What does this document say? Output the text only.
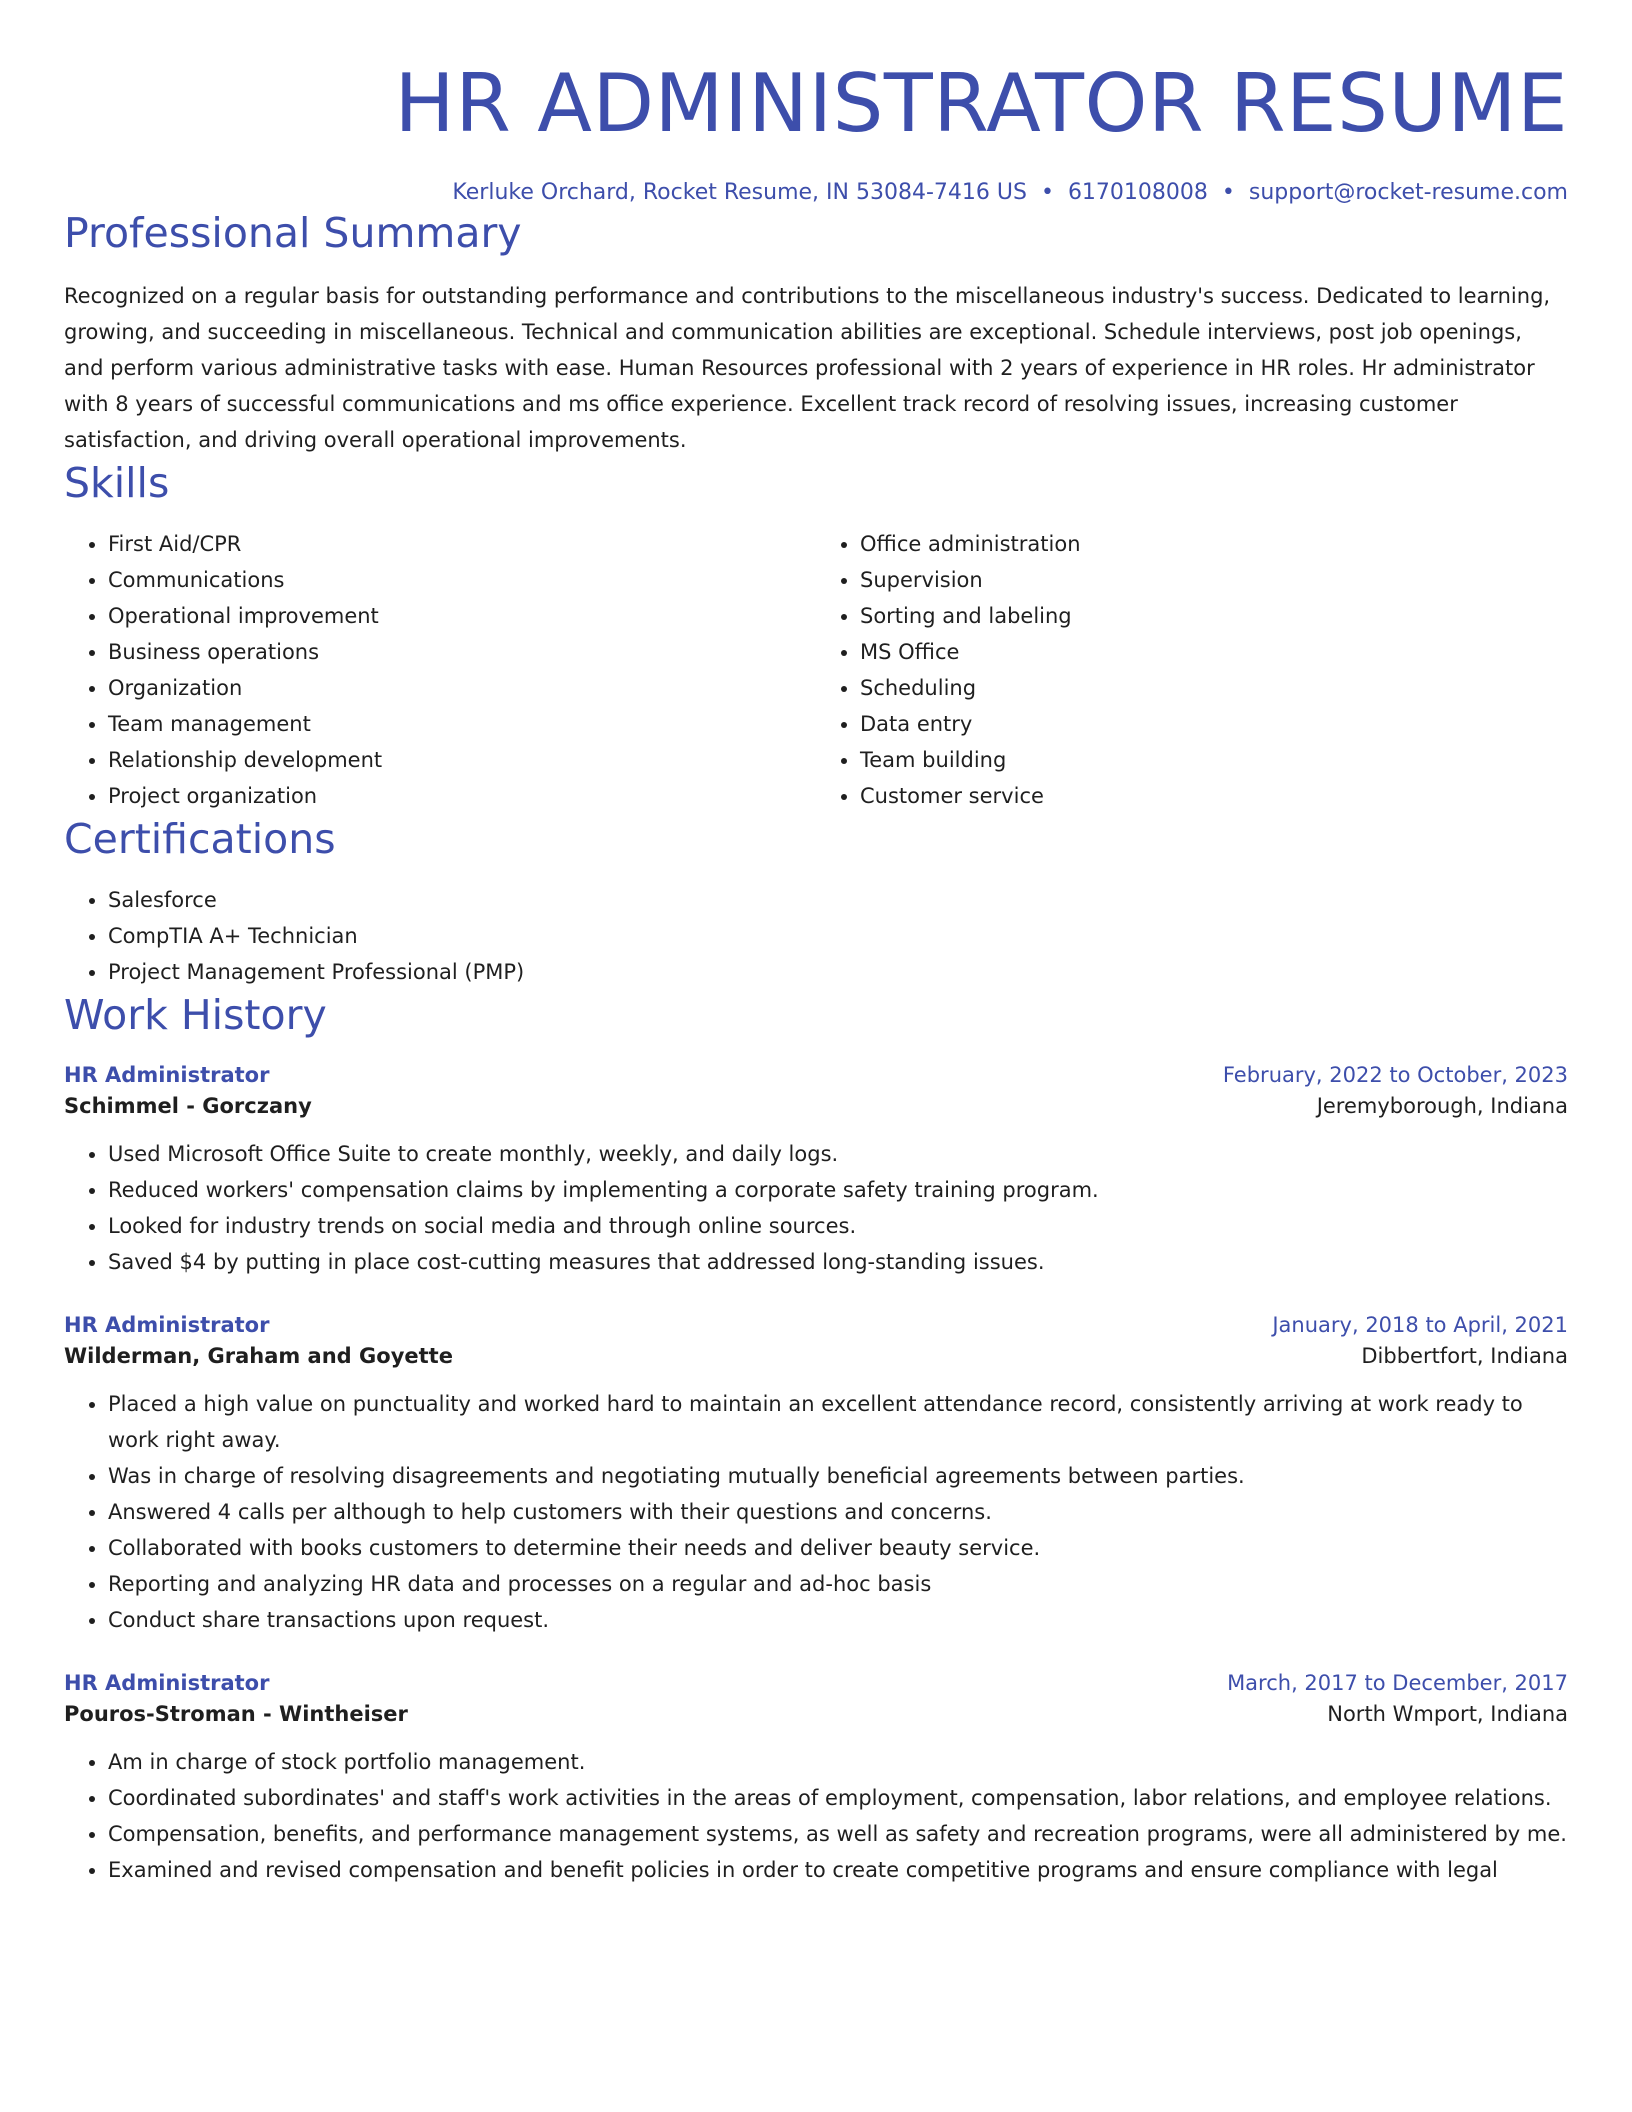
HR ADMINISTRATOR RESUME
Kerluke Orchard, Rocket Resume, IN 53084-7416 US • 6170108008 • support@rocket-resume.com
Professional Summary

Recognized on a regular basis for outstanding performance and contributions to the miscellaneous industry's success. Dedicated to learning, growing, and succeeding in miscellaneous. Technical and communication abilities are exceptional. Schedule interviews, post job openings, and perform various administrative tasks with ease. Human Resources professional with 2 years of experience in HR roles. Hr administrator with 8 years of successful communications and ms office experience. Excellent track record of resolving issues, increasing customer satisfaction, and driving overall operational improvements.

Skills
• First Aid/CPR
• Communications
• Operational improvement
• Business operations
• Organization
• Team management
• Relationship development
• Project organization
• Office administration
• Supervision
• Sorting and labeling
• MS Office
• Scheduling
• Data entry
• Team building
• Customer service
Certifications
• Salesforce
• CompTIA A+ Technician
• Project Management Professional (PMP)
Work History
HR Administrator	February, 2022 to October, 2023
Schimmel - Gorczany	Jeremyborough, Indiana
• Used Microsoft Office Suite to create monthly, weekly, and daily logs.
• Reduced workers' compensation claims by implementing a corporate safety training program.
• Looked for industry trends on social media and through online sources.
• Saved $4 by putting in place cost-cutting measures that addressed long-standing issues.
HR Administrator	January, 2018 to April, 2021
Wilderman, Graham and Goyette	Dibbertfort, Indiana
• Placed a high value on punctuality and worked hard to maintain an excellent attendance record, consistently arriving at work ready to work right away.
• Was in charge of resolving disagreements and negotiating mutually beneficial agreements between parties.
• Answered 4 calls per although to help customers with their questions and concerns.
• Collaborated with books customers to determine their needs and deliver beauty service.
• Reporting and analyzing HR data and processes on a regular and ad-hoc basis
• Conduct share transactions upon request.
HR Administrator	March, 2017 to December, 2017
Pouros-Stroman - Wintheiser	North Wmport, Indiana
• Am in charge of stock portfolio management.
• Coordinated subordinates' and staff's work activities in the areas of employment, compensation, labor relations, and employee relations.
• Compensation, benefits, and performance management systems, as well as safety and recreation programs, were all administered by me.
• Examined and revised compensation and benefit policies in order to create competitive programs and ensure compliance with legal
